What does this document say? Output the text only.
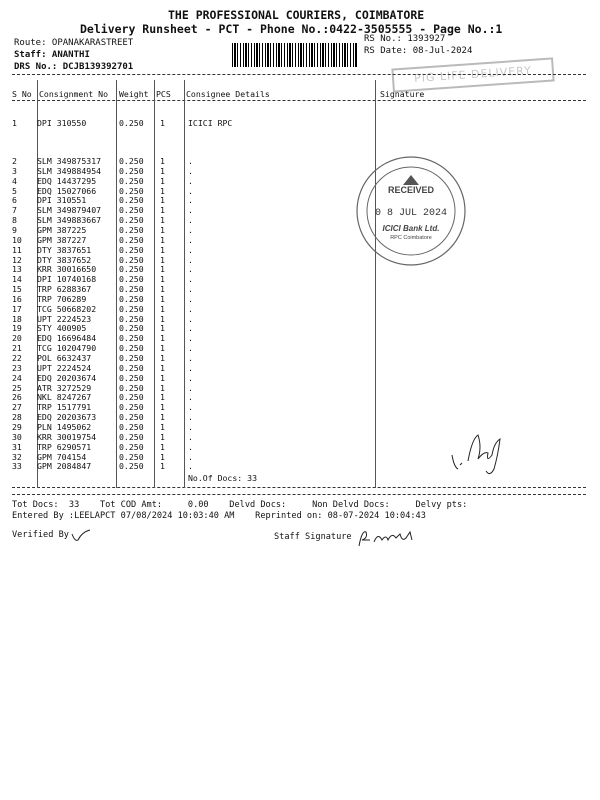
THE PROFESSIONAL COURIERS, COIMBATORE
Delivery Runsheet - PCT - Phone No.:0422-3505555 - Page No.:1
Route: OPANAKARASTREET
Staff: ANANTHI
DRS No.: DCJB139392701
RS No.: 1393927
RS Date: 08-Jul-2024
PIG LIFE DELIVERY
S No Consignment No Weight PCS Consignee Details	Signature
1 DPI 310550	0.250 1	ICICI RPC
2 SLM 349875317 0.250 1	.
3 SLM 349884954 0.250 1	.
4 EDQ 14437295	0.250 1	.
5 EDQ 15027066	0.250 1	.
6 DPI 310551	0.250 1	.
7 SLM 349879407 0.250 1	.
8 SLM 349883667 0.250 1	.
9 GPM 387225	0.250 1	.
10 GPM 387227	0.250 1	.
11 DTY 3837651	0.250 1	.
12 DTY 3837652	0.250 1	.
13 KRR 30016650	0.250 1	.
14 DPI 10740168	0.250 1	.
15 TRP 6288367	0.250 1	.
16 TRP 706289	0.250 1	.
17 TCG 50668202	0.250 1	.
18 UPT 2224523	0.250 1	.
19 STY 400905	0.250 1	.
20 EDQ 16696484	0.250 1	.
21 TCG 10204790	0.250 1	.
22 POL 6632437	0.250 1	.
23 UPT 2224524	0.250 1	.
24 EDQ 20203674	0.250 1	.
25 ATR 3272529	0.250 1	.
26 NKL 8247267	0.250 1	.
27 TRP 1517791	0.250 1	.
28 EDQ 20203673	0.250 1	.
29 PLN 1495062	0.250 1	.
30 KRR 30019754	0.250 1	.
31 TRP 6290571	0.250 1	.
32 GPM 704154	0.250 1	.
33 GPM 2084847	0.250 1	.
No.Of Docs: 33
RECEIVED
0 8 JUL 2024
ICICI Bank Ltd.
RPC Coimbatore
Tot Docs:  33    Tot COD Amt:     0.00    Delvd Docs:     Non Delvd Docs:     Delvy pts:
Entered By :LEELAPCT 07/08/2024 10:03:40 AM    Reprinted on: 08-07-2024 10:04:43
Verified By	Staff Signature
